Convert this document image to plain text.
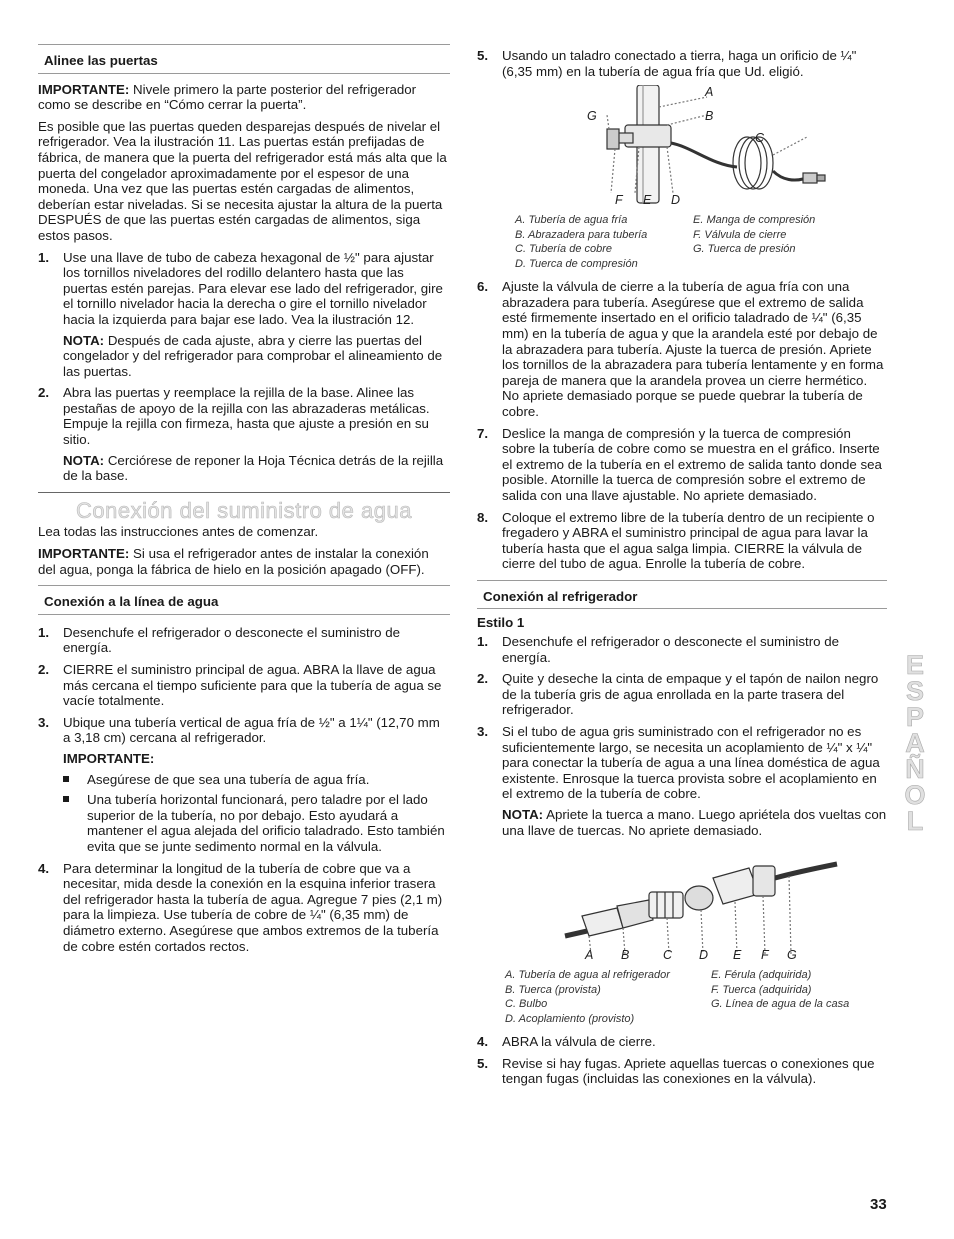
Alinee las puertas

IMPORTANTE: Nivele primero la parte posterior del refrigerador como se describe en “Cómo cerrar la puerta”.

Es posible que las puertas queden desparejas después de nivelar el refrigerador. Vea la ilustración 11. Las puertas están prefijadas de fábrica, de manera que la puerta del refrigerador está más alta que la puerta del congelador aproximadamente por el espesor de una moneda. Una vez que las puertas estén cargadas de alimentos, deberían estar niveladas. Si se necesita ajustar la altura de la puerta DESPUÉS de que las puertas estén cargadas de alimentos, siga estos pasos.

1. Use una llave de tubo de cabeza hexagonal de ½" para ajustar los tornillos niveladores del rodillo delantero hasta que las puertas estén parejas. Para elevar ese lado del refrigerador, gire el tornillo nivelador hacia la derecha o gire el tornillo nivelador hacia la izquierda para bajar ese lado. Vea la ilustración 12.

NOTA: Después de cada ajuste, abra y cierre las puertas del congelador y del refrigerador para comprobar el alineamiento de las puertas.

2. Abra las puertas y reemplace la rejilla de la base. Alinee las pestañas de apoyo de la rejilla con las abrazaderas metálicas. Empuje la rejilla con firmeza, hasta que ajuste a presión en su sitio.

NOTA: Cerciórese de reponer la Hoja Técnica detrás de la rejilla de la base.

Conexión del suministro de agua

Lea todas las instrucciones antes de comenzar.

IMPORTANTE: Si usa el refrigerador antes de instalar la conexión del agua, ponga la fábrica de hielo en la posición apagado (OFF).

Conexión a la línea de agua
1. Desenchufe el refrigerador o desconecte el suministro de energía.

2. CIERRE el suministro principal de agua. ABRA la llave de agua más cercana el tiempo suficiente para que la tubería de agua se vacíe totalmente.

3. Ubique una tubería vertical de agua fría de ½" a 1¼" (12,70 mm a 3,18 cm) cercana al refrigerador.

IMPORTANTE:

Asegúrese de que sea una tubería de agua fría.
Una tubería horizontal funcionará, pero taladre por el lado superior de la tubería, no por debajo. Esto ayudará a mantener el agua alejada del orificio taladrado. Esto también evita que se junte sedimento normal en la válvula.
4. Para determinar la longitud de la tubería de cobre que va a necesitar, mida desde la conexión en la esquina inferior trasera del refrigerador hasta la tubería de agua. Agregue 7 pies (2,1 m) para la limpieza. Use tubería de cobre de ¼" (6,35 mm) de diámetro externo. Asegúrese que ambos extremos de la tubería de cobre estén cortados rectos.

5. Usando un taladro conectado a tierra, haga un orificio de ¼" (6,35 mm) en la tubería de agua fría que Ud. eligió.

A
B
C
D
E
F
G
A. Tubería de agua fría	E. Manga de compresión
B. Abrazadera para tubería	F. Válvula de cierre
C. Tubería de cobre	G. Tuerca de presión
D. Tuerca de compresión
6. Ajuste la válvula de cierre a la tubería de agua fría con una abrazadera para tubería. Asegúrese que el extremo de salida esté firmemente insertado en el orificio taladrado de ¼" (6,35 mm) en la tubería de agua y que la arandela esté por debajo de la abrazadera para tubería. Ajuste la tuerca de presión. Apriete los tornillos de la abrazadera para tubería lentamente y en forma pareja de manera que la arandela provea un cierre hermético. No apriete demasiado porque se puede quebrar la tubería de cobre.

7. Deslice la manga de compresión y la tuerca de compresión sobre la tubería de cobre como se muestra en el gráfico. Inserte el extremo de la tubería en el extremo de salida tanto donde sea posible. Atornille la tuerca de compresión sobre el extremo de salida con una llave ajustable. No apriete demasiado.

8. Coloque el extremo libre de la tubería dentro de un recipiente o fregadero y ABRA el suministro principal de agua para lavar la tubería hasta que el agua salga limpia. CIERRE la válvula de cierre del tubo de agua. Enrolle la tubería de cobre.

Conexión al refrigerador
Estilo 1
1. Desenchufe el refrigerador o desconecte el suministro de energía.

2. Quite y deseche la cinta de empaque y el tapón de nailon negro de la tubería gris de agua enrollada en la parte trasera del refrigerador.

3. Si el tubo de agua gris suministrado con el refrigerador no es suficientemente largo, se necesita un acoplamiento de ¼" x ¼" para conectar la tubería de agua a una línea doméstica de agua existente. Enrosque la tuerca provista sobre el acoplamiento en el extremo de la tubería de cobre.

NOTA: Apriete la tuerca a mano. Luego apriétela dos vueltas con una llave de tuercas. No apriete demasiado.

A B	C D E F G
A. Tubería de agua al refrigerador	E. Férula (adquirida)
B. Tuerca (provista)	F. Tuerca (adquirida)
C. Bulbo	G. Línea de agua de la casa
D. Acoplamiento (provisto)
4. ABRA la válvula de cierre.

5. Revise si hay fugas. Apriete aquellas tuercas o conexiones que tengan fugas (incluidas las conexiones en la válvula).

E
S
P
A
Ñ
O
L
33
